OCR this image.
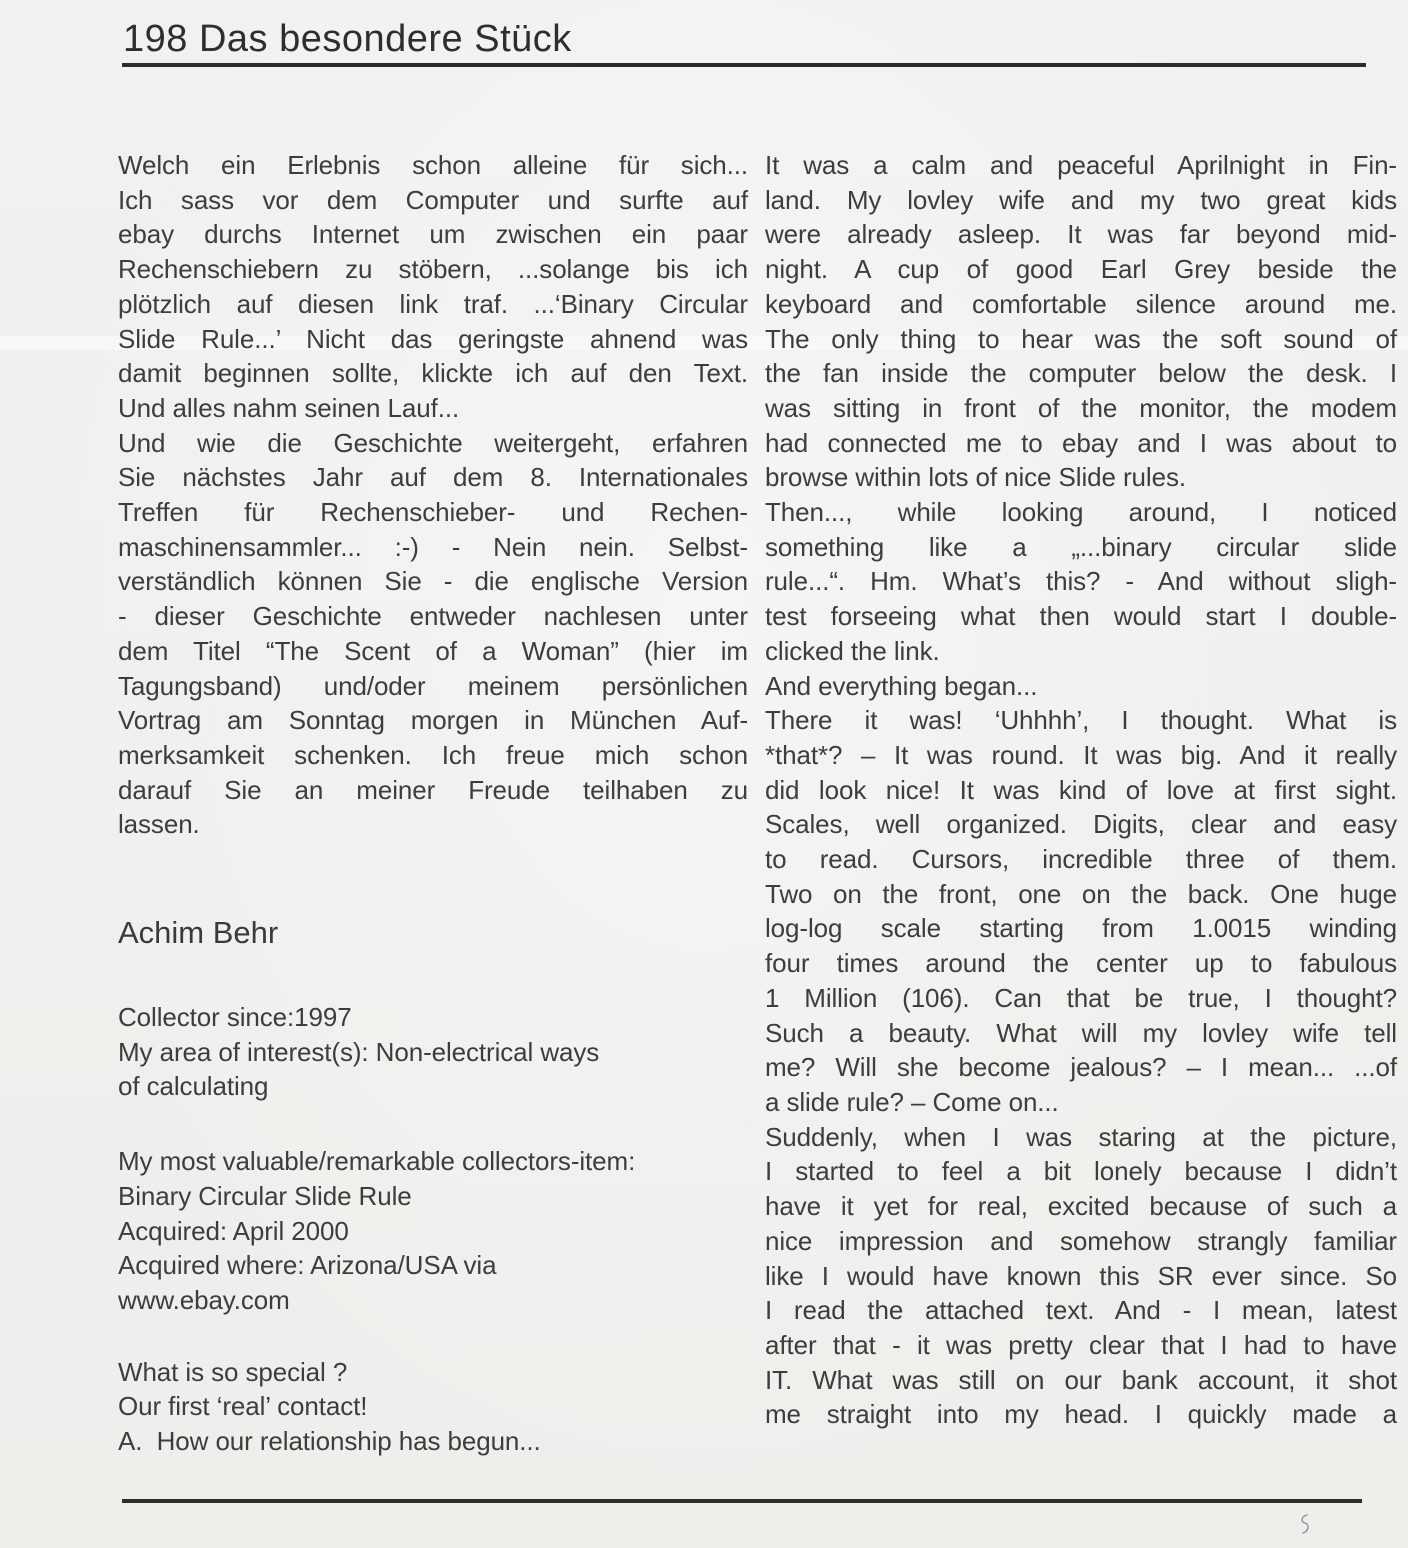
198 Das besondere Stück
Welch ein Erlebnis schon alleine für sich...
Ich sass vor dem Computer und surfte auf
ebay durchs Internet um zwischen ein paar
Rechenschiebern zu stöbern, ...solange bis ich
plötzlich auf diesen link traf. ...‘Binary Circular
Slide Rule...’ Nicht das geringste ahnend was
damit beginnen sollte, klickte ich auf den Text.
Und alles nahm seinen Lauf...
Und wie die Geschichte weitergeht, erfahren
Sie nächstes Jahr auf dem 8. Internationales
Treffen für Rechenschieber- und Rechen-
maschinensammler... :-) - Nein nein. Selbst-
verständlich können Sie - die englische Version
- dieser Geschichte entweder nachlesen unter
dem Titel “The Scent of a Woman” (hier im
Tagungsband) und/oder meinem persönlichen
Vortrag am Sonntag morgen in München Auf-
merksamkeit schenken. Ich freue mich schon
darauf Sie an meiner Freude teilhaben zu
lassen.
Achim Behr
Collector since:1997
My area of interest(s): Non-electrical ways
of calculating
My most valuable/remarkable collectors-item:
Binary Circular Slide Rule
Acquired: April 2000
Acquired where: Arizona/USA via
www.ebay.com
What is so special ?
Our first ‘real’ contact!
A.  How our relationship has begun...
It was a calm and peaceful Aprilnight in Fin-
land. My lovley wife and my two great kids
were already asleep. It was far beyond mid-
night. A cup of good Earl Grey beside the
keyboard and comfortable silence around me.
The only thing to hear was the soft sound of
the fan inside the computer below the desk. I
was sitting in front of the monitor, the modem
had connected me to ebay and I was about to
browse within lots of nice Slide rules.
Then..., while looking around, I noticed
something like a „...binary circular slide
rule...“. Hm. What’s this? - And without sligh-
test forseeing what then would start I double-
clicked the link.
And everything began...
There it was! ‘Uhhhh’, I thought. What is
*that*? – It was round. It was big. And it really
did look nice! It was kind of love at first sight.
Scales, well organized. Digits, clear and easy
to read. Cursors, incredible three of them.
Two on the front, one on the back. One huge
log-log scale starting from 1.0015 winding
four times around the center up to fabulous
1 Million (106). Can that be true, I thought?
Such a beauty. What will my lovley wife tell
me? Will she become jealous? – I mean... ...of
a slide rule? – Come on...
Suddenly, when I was staring at the picture,
I started to feel a bit lonely because I didn’t
have it yet for real, excited because of such a
nice impression and somehow strangly familiar
like I would have known this SR ever since. So
I read the attached text. And - I mean, latest
after that - it was pretty clear that I had to have
IT. What was still on our bank account, it shot
me straight into my head. I quickly made a
